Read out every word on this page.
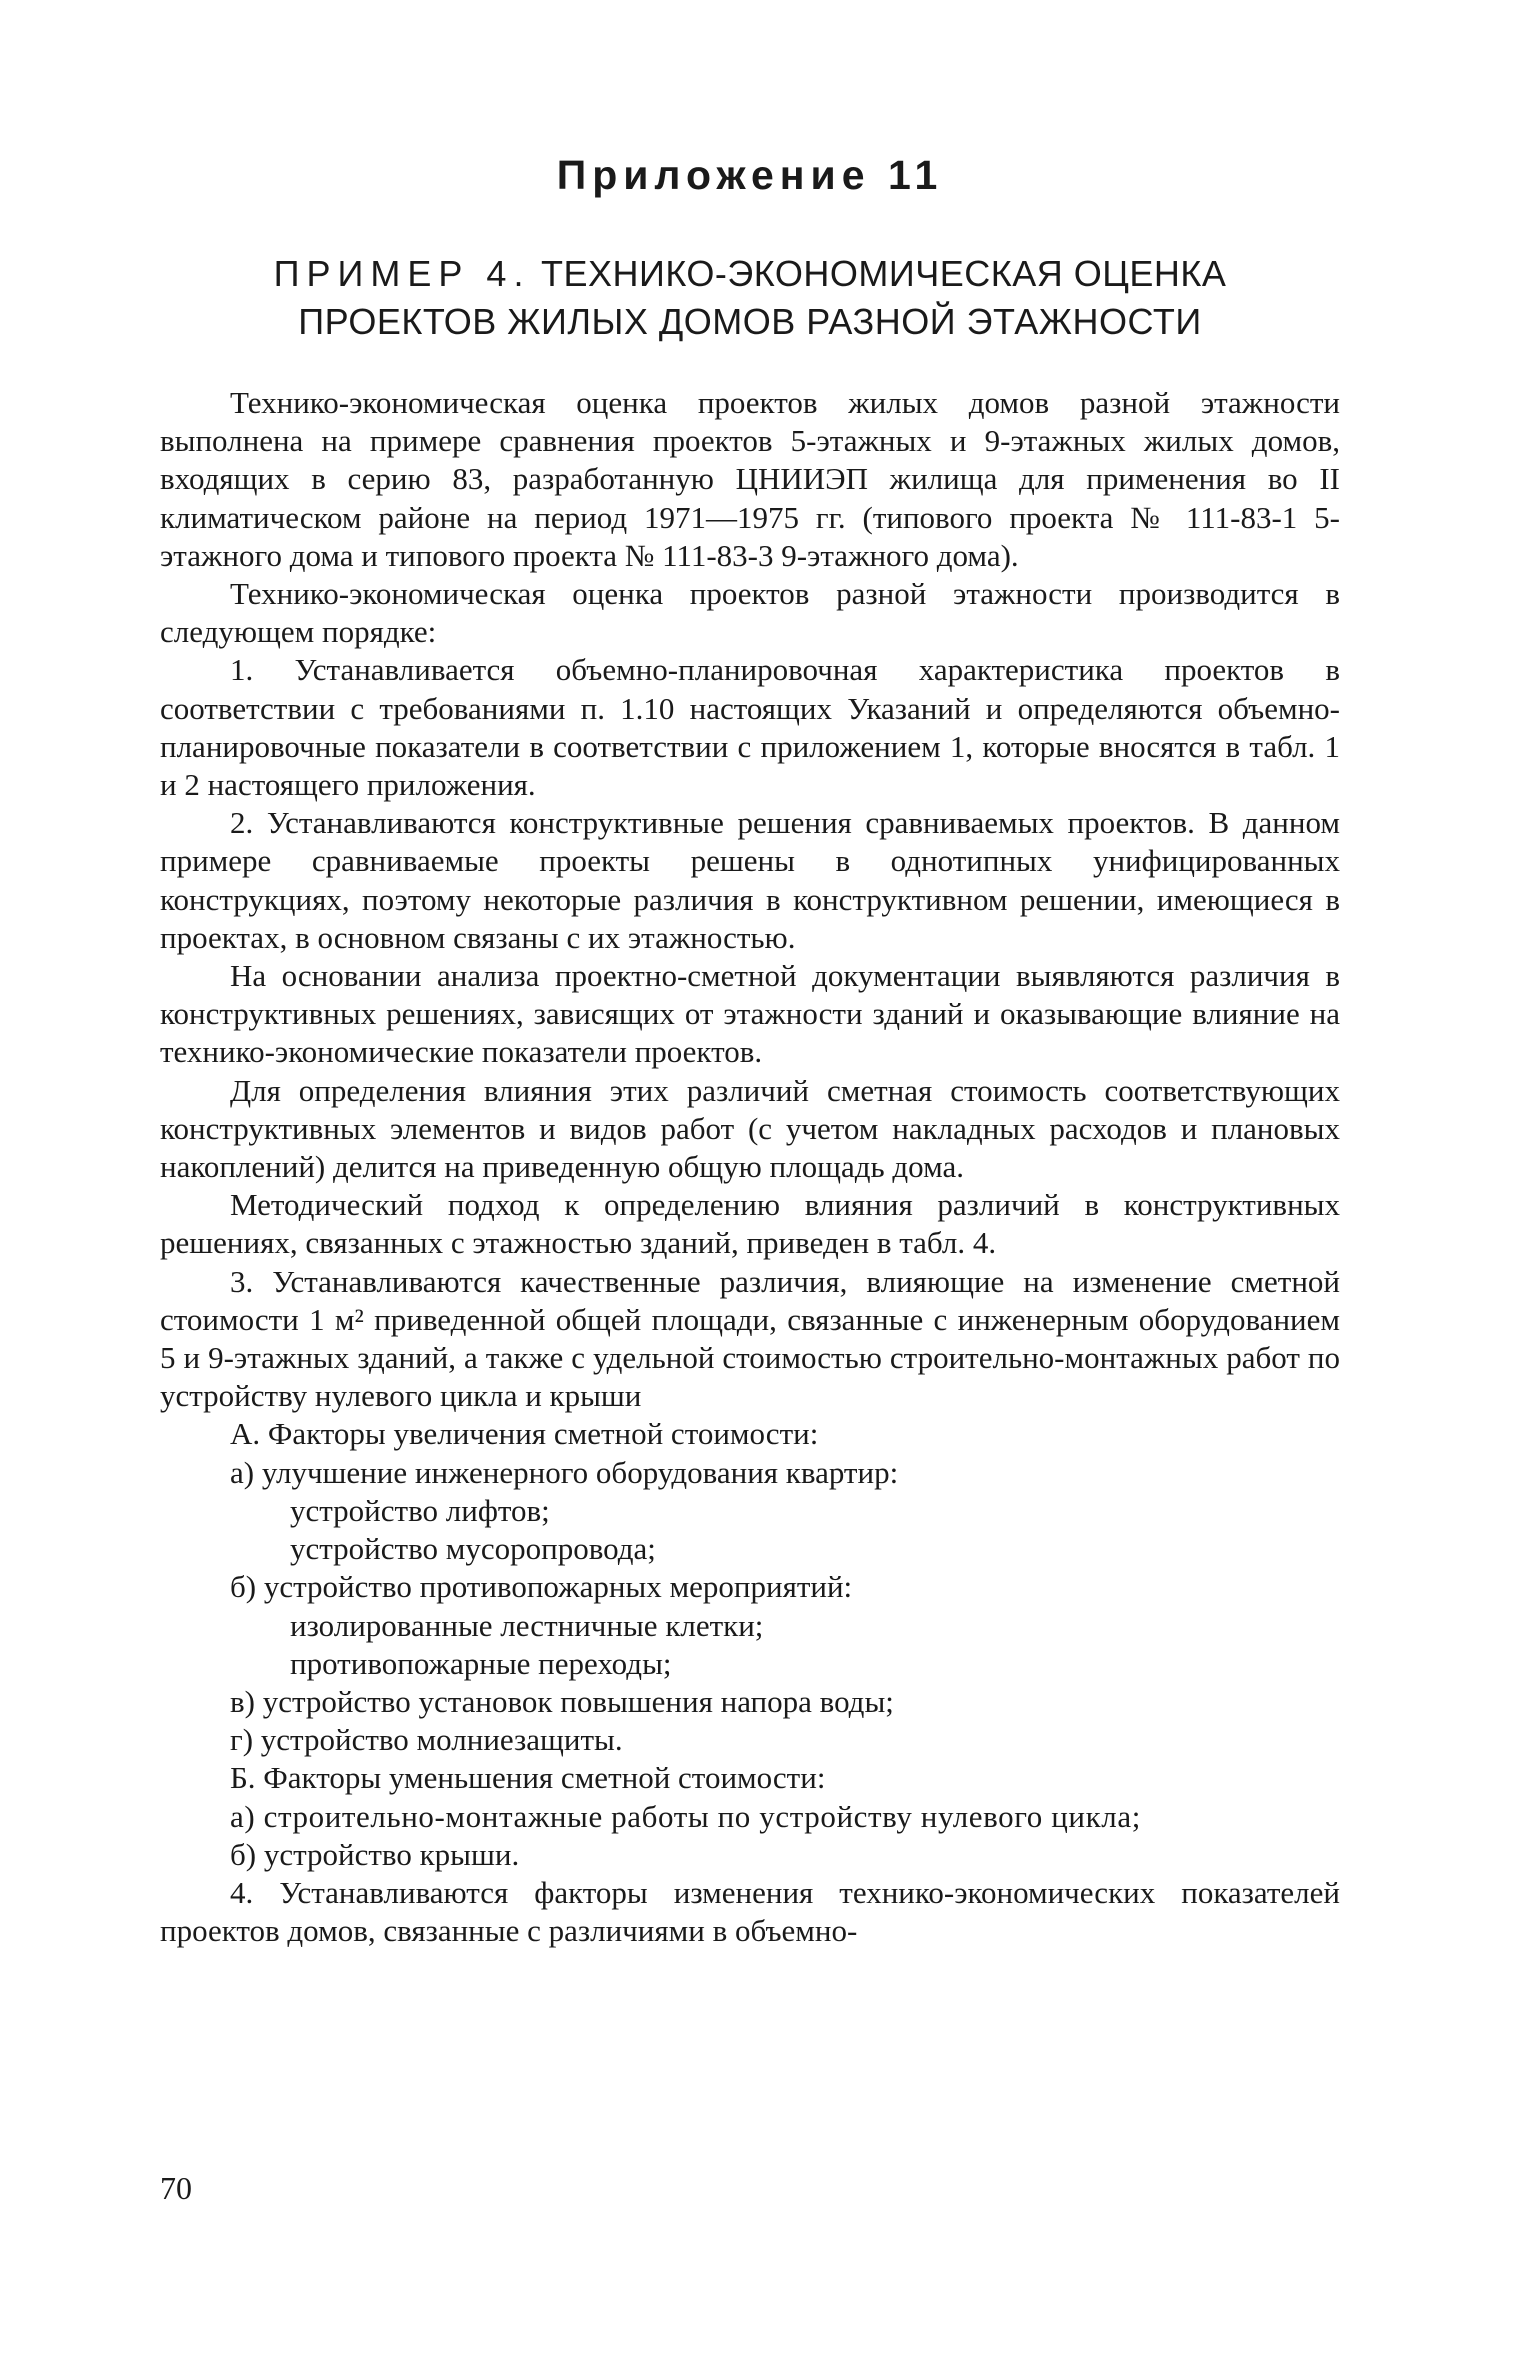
Приложение 11
ПРИМЕР 4. ТЕХНИКО-ЭКОНОМИЧЕСКАЯ ОЦЕНКА
ПРОЕКТОВ ЖИЛЫХ ДОМОВ РАЗНОЙ ЭТАЖНОСТИ

Технико-экономическая оценка проектов жилых домов разной этажности выполнена на примере сравнения проектов 5-этажных и 9-этажных жилых домов, входящих в серию 83, разработанную ЦНИИЭП жилища для применения во II климатическом районе на период 1971—1975 гг. (типового проекта № 111-83-1 5-этажного дома и типового проекта № 111-83-3 9-этажного дома).

Технико-экономическая оценка проектов разной этажности производится в следующем порядке:

1. Устанавливается объемно-планировочная характеристика проектов в соответствии с требованиями п. 1.10 настоящих Указаний и определяются объемно-планировочные показатели в соответствии с приложением 1, которые вносятся в табл. 1 и 2 настоящего приложения.

2. Устанавливаются конструктивные решения сравниваемых проектов. В данном примере сравниваемые проекты решены в однотипных унифицированных конструкциях, поэтому некоторые различия в конструктивном решении, имеющиеся в проектах, в основном связаны с их этажностью.

На основании анализа проектно-сметной документации выявляются различия в конструктивных решениях, зависящих от этажности зданий и оказывающие влияние на технико-экономические показатели проектов.

Для определения влияния этих различий сметная стоимость соответствующих конструктивных элементов и видов работ (с учетом накладных расходов и плановых накоплений) делится на приведенную общую площадь дома.

Методический подход к определению влияния различий в конструктивных решениях, связанных с этажностью зданий, приведен в табл. 4.

3. Устанавливаются качественные различия, влияющие на изменение сметной стоимости 1 м² приведенной общей площади, связанные с инженерным оборудованием 5 и 9-этажных зданий, а также с удельной стоимостью строительно-монтажных работ по устройству нулевого цикла и крыши

А. Факторы увеличения сметной стоимости:

а) улучшение инженерного оборудования квартир:

устройство лифтов;

устройство мусоропровода;

б) устройство противопожарных мероприятий:

изолированные лестничные клетки;

противопожарные переходы;

в) устройство установок повышения напора воды;

г) устройство молниезащиты.

Б. Факторы уменьшения сметной стоимости:

а) строительно-монтажные работы по устройству нулевого цикла;

б) устройство крыши.

4. Устанавливаются факторы изменения технико-экономических показателей проектов домов, связанные с различиями в объемно-

70
